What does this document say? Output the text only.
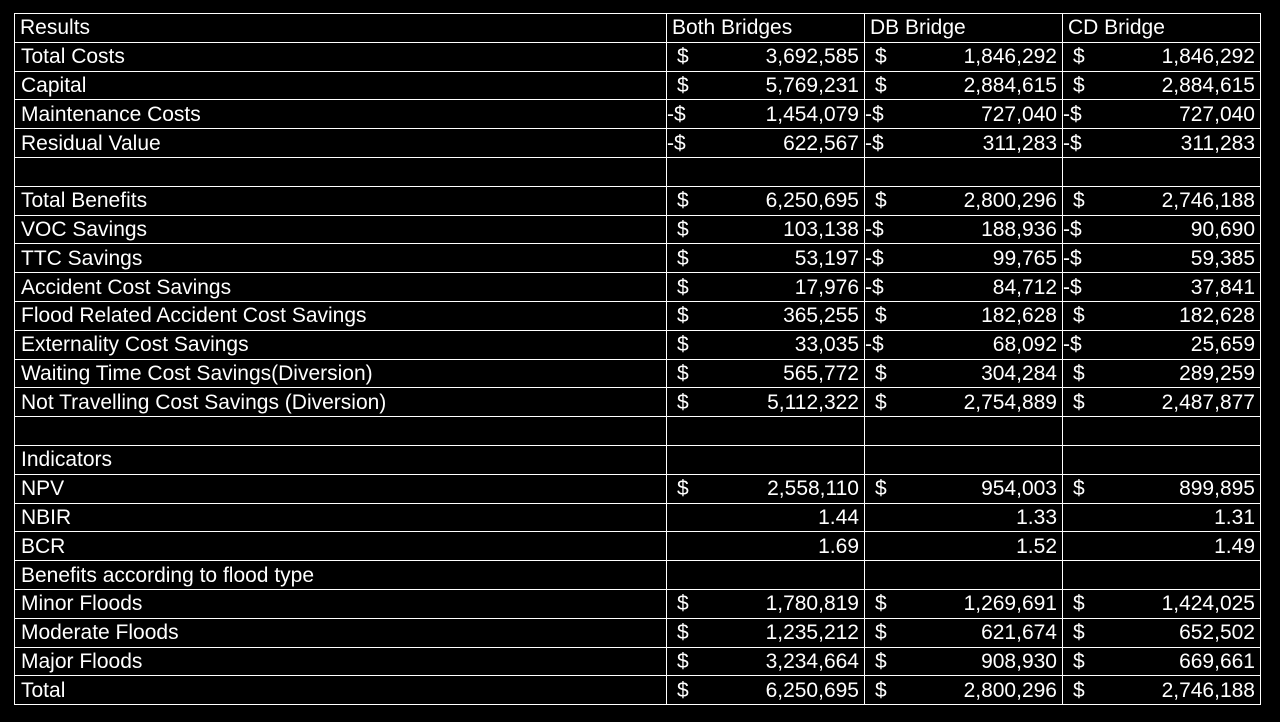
Results	Both Bridges	DB Bridge	CD Bridge
Total Costs	$ 3,692,585	$ 1,846,292	$ 1,846,292

Capital	$ 5,769,231	$ 2,884,615	$ 2,884,615

Maintenance Costs	-$ 1,454,079	-$ 727,040	-$ 727,040

Residual Value	-$ 622,567	-$ 311,283	-$ 311,283

Total Benefits	$ 6,250,695	$ 2,800,296	$ 2,746,188

VOC Savings	$ 103,138	-$ 188,936	-$ 90,690

TTC Savings	$ 53,197	-$ 99,765	-$ 59,385

Accident Cost Savings	$ 17,976	-$ 84,712	-$ 37,841

Flood Related Accident Cost Savings	$ 365,255	$ 182,628	$ 182,628

Externality Cost Savings	$ 33,035	-$ 68,092	-$ 25,659

Waiting Time Cost Savings(Diversion)	$ 565,772	$ 304,284	$ 289,259

Not Travelling Cost Savings (Diversion)	$ 5,112,322	$ 2,754,889	$ 2,487,877

Indicators	

NPV	$ 2,558,110	$ 954,003	$ 899,895

NBIR	1.44	1.33	1.31

BCR	1.69	1.52	1.49

Benefits according to flood type	

Minor Floods	$ 1,780,819	$ 1,269,691	$ 1,424,025

Moderate Floods	$ 1,235,212	$ 621,674	$ 652,502

Major Floods	$ 3,234,664	$ 908,930	$ 669,661

Total	$ 6,250,695	$ 2,800,296	$ 2,746,188
